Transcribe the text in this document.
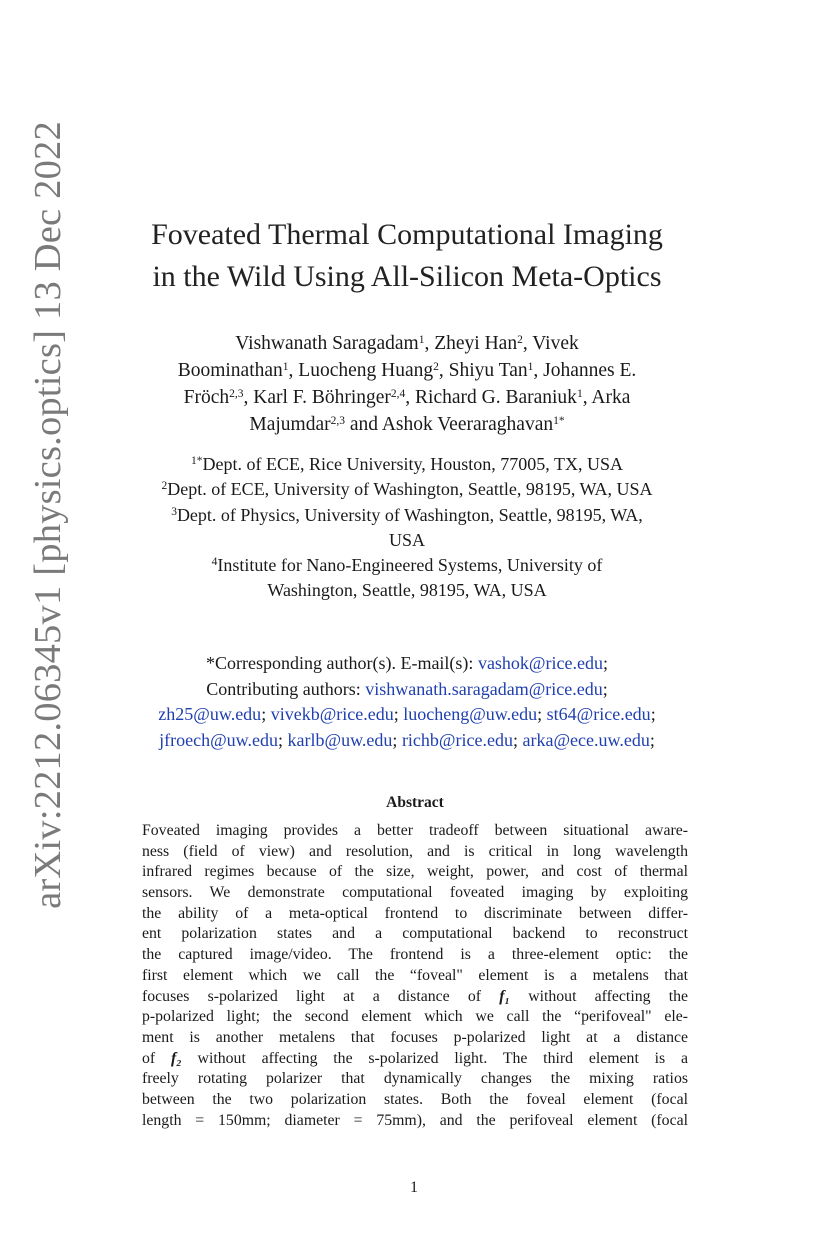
arXiv:2212.06345v1 [physics.optics] 13 Dec 2022	Foveated Thermal Computational Imaging
in the Wild Using All-Silicon Meta-Optics
Vishwanath Saragadam$^1$, Zheyi Han$^2$, Vivek
Boominathan$^1$, Luocheng Huang$^2$, Shiyu Tan$^1$, Johannes E.
Fröch$^{2,3}$, Karl F. Böhringer$^{2,4}$, Richard G. Baraniuk$^1$, Arka
Majumdar$^{2,3}$ and Ashok Veeraraghavan$^{1*}$
$^{1*}$Dept. of ECE, Rice University, Houston, 77005, TX, USA
$^2$Dept. of ECE, University of Washington, Seattle, 98195, WA, USA
$^3$Dept. of Physics, University of Washington, Seattle, 98195, WA,
USA
$^4$Institute for Nano-Engineered Systems, University of
Washington, Seattle, 98195, WA, USA
*Corresponding author(s). E-mail(s): vashok@rice.edu;
Contributing authors: vishwanath.saragadam@rice.edu;
zh25@uw.edu; vivekb@rice.edu; luocheng@uw.edu; st64@rice.edu;
jfroech@uw.edu; karlb@uw.edu; richb@rice.edu; arka@ece.uw.edu;
Abstract
Foveated imaging provides a better tradeoff between situational aware-
ness (field of view) and resolution, and is critical in long wavelength
infrared regimes because of the size, weight, power, and cost of thermal
sensors. We demonstrate computational foveated imaging by exploiting
the ability of a meta-optical frontend to discriminate between differ-
ent polarization states and a computational backend to reconstruct
the captured image/video. The frontend is a three-element optic: the
first element which we call the “foveal" element is a metalens that
focuses s-polarized light at a distance of f₁ without affecting the
p-polarized light; the second element which we call the “perifoveal" ele-
ment is another metalens that focuses p-polarized light at a distance
of f₂ without affecting the s-polarized light. The third element is a
freely rotating polarizer that dynamically changes the mixing ratios
between the two polarization states. Both the foveal element (focal
length = 150mm; diameter = 75mm), and the perifoveal element (focal
1
